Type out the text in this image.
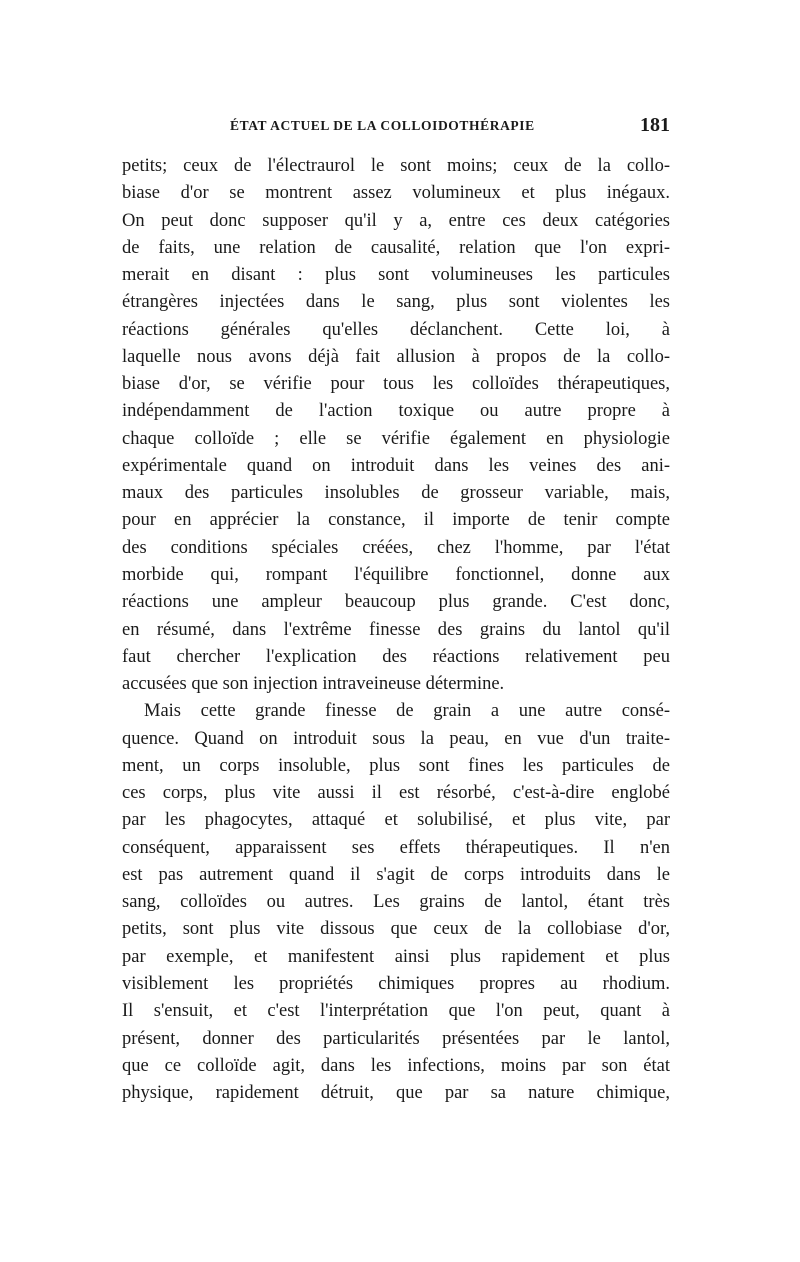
ÉTAT ACTUEL DE LA COLLOIDOTHÉRAPIE	181
petits; ceux de l'électraurol le sont moins; ceux de la collo-
biase d'or se montrent assez volumineux et plus inégaux.
On peut donc supposer qu'il y a, entre ces deux catégories
de faits, une relation de causalité, relation que l'on expri-
merait en disant : plus sont volumineuses les particules
étrangères injectées dans le sang, plus sont violentes les
réactions générales qu'elles déclanchent. Cette loi, à
laquelle nous avons déjà fait allusion à propos de la collo-
biase d'or, se vérifie pour tous les colloïdes thérapeutiques,
indépendamment de l'action toxique ou autre propre à
chaque colloïde ; elle se vérifie également en physiologie
expérimentale quand on introduit dans les veines des ani-
maux des particules insolubles de grosseur variable, mais,
pour en apprécier la constance, il importe de tenir compte
des conditions spéciales créées, chez l'homme, par l'état
morbide qui, rompant l'équilibre fonctionnel, donne aux
réactions une ampleur beaucoup plus grande. C'est donc,
en résumé, dans l'extrême finesse des grains du lantol qu'il
faut chercher l'explication des réactions relativement peu
accusées que son injection intraveineuse détermine.
Mais cette grande finesse de grain a une autre consé-
quence. Quand on introduit sous la peau, en vue d'un traite-
ment, un corps insoluble, plus sont fines les particules de
ces corps, plus vite aussi il est résorbé, c'est-à-dire englobé
par les phagocytes, attaqué et solubilisé, et plus vite, par
conséquent, apparaissent ses effets thérapeutiques. Il n'en
est pas autrement quand il s'agit de corps introduits dans le
sang, colloïdes ou autres. Les grains de lantol, étant très
petits, sont plus vite dissous que ceux de la collobiase d'or,
par exemple, et manifestent ainsi plus rapidement et plus
visiblement les propriétés chimiques propres au rhodium.
Il s'ensuit, et c'est l'interprétation que l'on peut, quant à
présent, donner des particularités présentées par le lantol,
que ce colloïde agit, dans les infections, moins par son état
physique, rapidement détruit, que par sa nature chimique,
